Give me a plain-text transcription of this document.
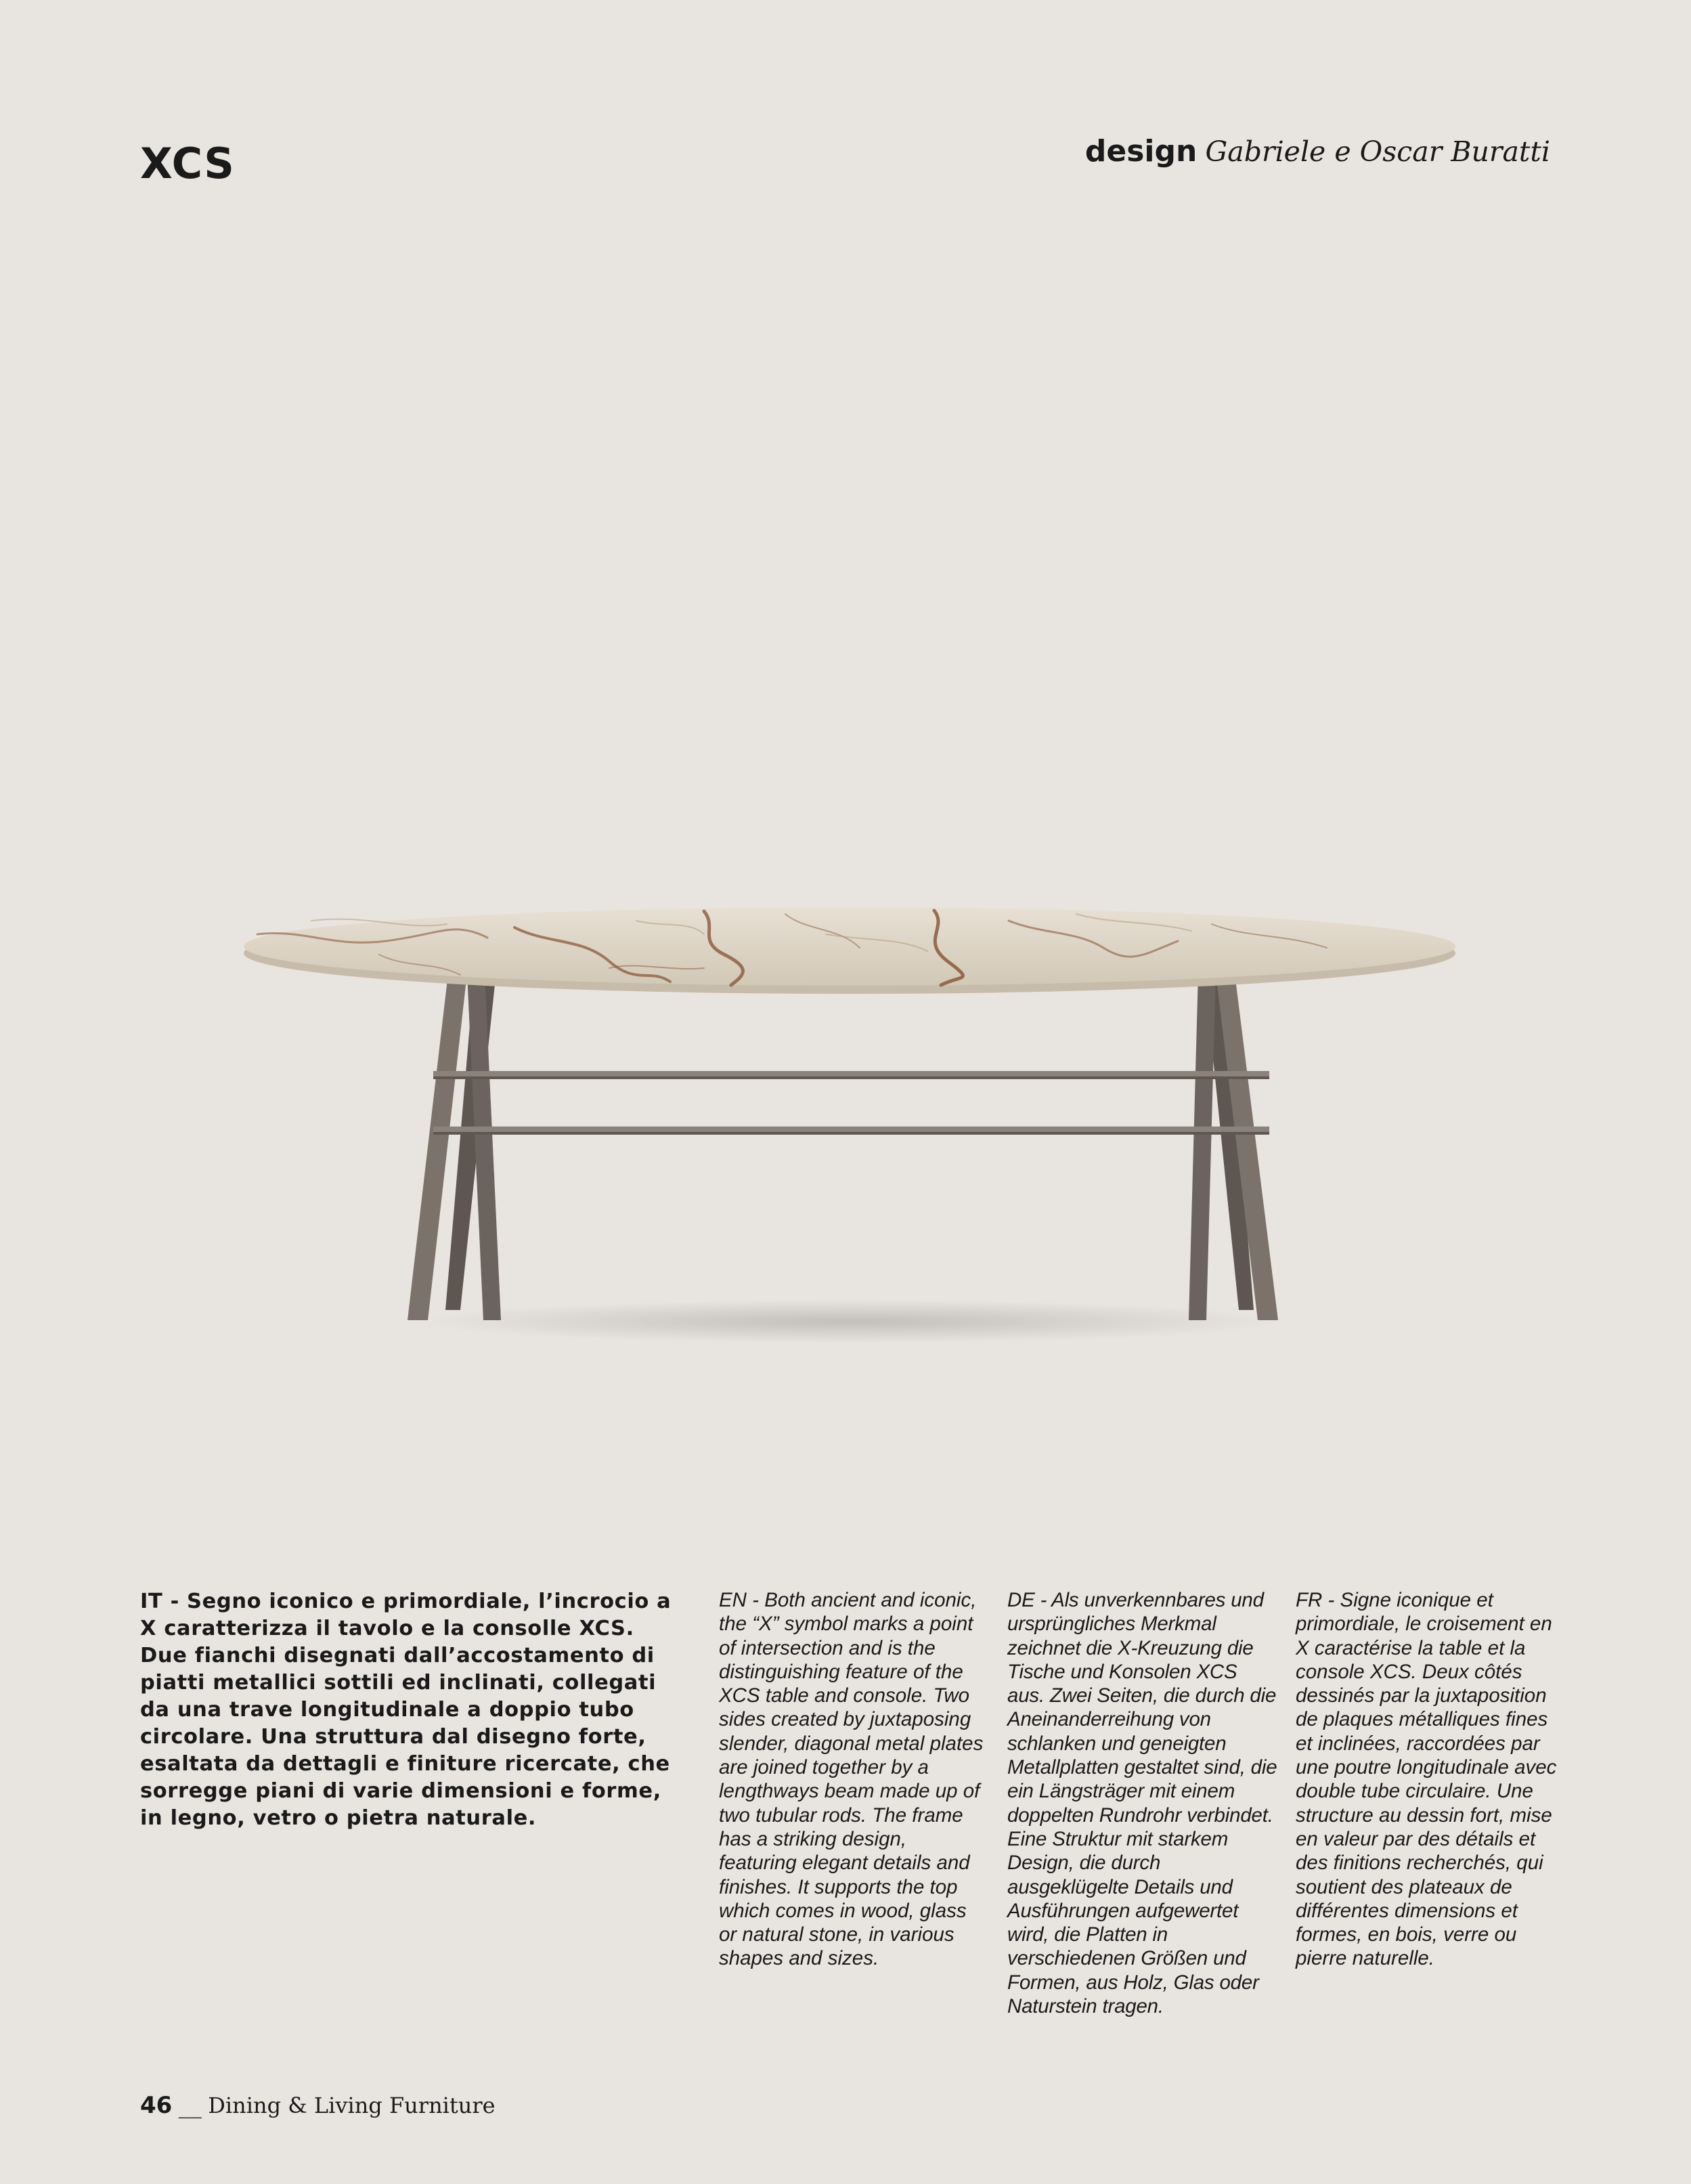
XCS	design Gabriele e Oscar Buratti

IT - Segno iconico e primordiale, l’incrocio a X caratterizza il tavolo e la consolle XCS. Due fianchi disegnati dall’accostamento di piatti metallici sottili ed inclinati, collegati da una trave longitudinale a doppio tubo circolare. Una struttura dal disegno forte, esaltata da dettagli e finiture ricercate, che sorregge piani di varie dimensioni e forme, in legno, vetro o pietra naturale.

EN - Both ancient and iconic, the “X” symbol marks a point of intersection and is the distinguishing feature of the XCS table and console. Two sides created by juxtaposing slender, diagonal metal plates are joined together by a lengthways beam made up of two tubular rods. The frame has a striking design, featuring elegant details and finishes. It supports the top which comes in wood, glass or natural stone, in various shapes and sizes.

DE - Als unverkennbares und ursprüngliches Merkmal zeichnet die X-Kreuzung die Tische und Konsolen XCS aus. Zwei Seiten, die durch die Aneinanderreihung von schlanken und geneigten Metallplatten gestaltet sind, die ein Längsträger mit einem doppelten Rundrohr verbindet. Eine Struktur mit starkem Design, die durch ausgeklügelte Details und Ausführungen aufgewertet wird, die Platten in verschiedenen Größen und Formen, aus Holz, Glas oder Naturstein tragen.

FR - Signe iconique et primordiale, le croisement en X caractérise la table et la console XCS. Deux côtés dessinés par la juxtaposition de plaques métalliques fines et inclinées, raccordées par une poutre longitudinale avec double tube circulaire. Une structure au dessin fort, mise en valeur par des détails et des finitions recherchés, qui soutient des plateaux de différentes dimensions et formes, en bois, verre ou pierre naturelle.

46 __ Dining & Living Furniture
